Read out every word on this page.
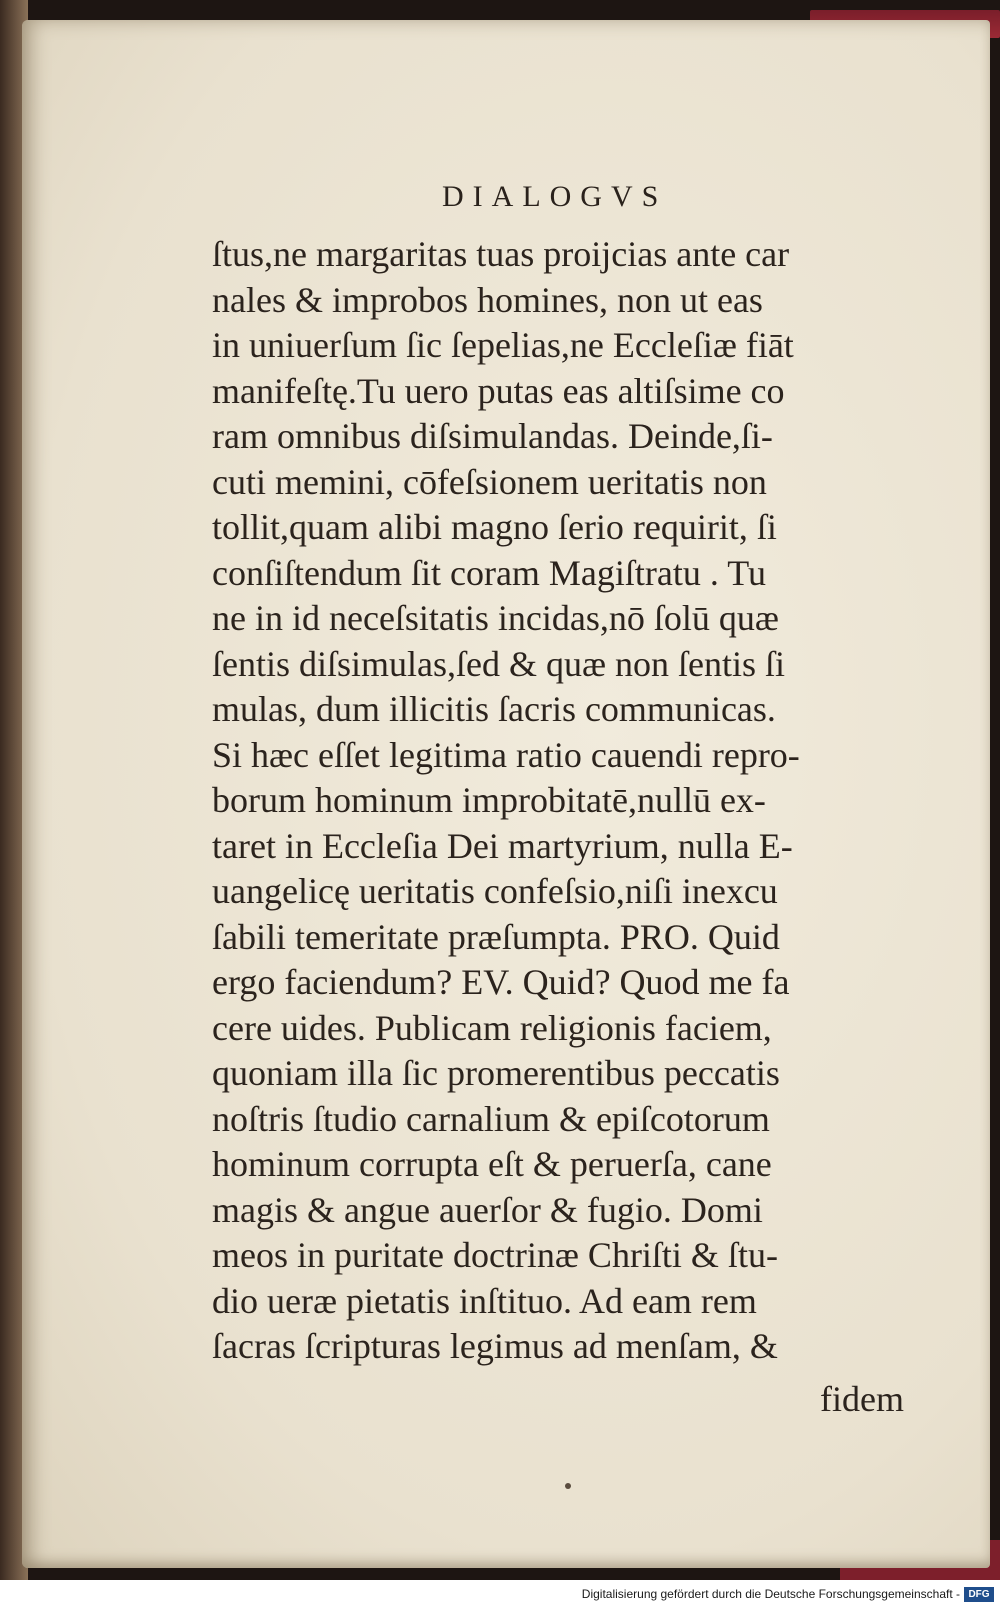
DIALOGVS
ſtus,ne margaritas tuas proijcias ante car
nales & improbos homines, non ut eas
in uniuerſum ſic ſepelias,ne Eccleſiæ fiāt
manifeſtę.Tu uero putas eas altiſsime co
ram omnibus diſsimulandas. Deinde,ſi-
cuti memini, cōfeſsionem ueritatis non
tollit,quam alibi magno ſerio requirit, ſi
conſiſtendum ſit coram Magiſtratu . Tu
ne in id neceſsitatis incidas,nō ſolū quæ
ſentis diſsimulas,ſed & quæ non ſentis ſi
mulas, dum illicitis ſacris communicas.
Si hæc eſſet legitima ratio cauendi repro-
borum hominum improbitatē,nullū ex-
taret in Eccleſia Dei martyrium, nulla E-
uangelicę ueritatis confeſsio,niſi inexcu
ſabili temeritate præſumpta. PRO. Quid
ergo faciendum? EV. Quid? Quod me fa
cere uides. Publicam religionis faciem,
quoniam illa ſic promerentibus peccatis
noſtris ſtudio carnalium & epiſcotorum
hominum corrupta eſt & peruerſa, cane
magis & angue auerſor & fugio. Domi
meos in puritate doctrinæ Chriſti & ſtu-
dio ueræ pietatis inſtituo. Ad eam rem
ſacras ſcripturas legimus ad menſam, &
fidem
Digitalisierung gefördert durch die Deutsche Forschungsgemeinschaft - DFG
